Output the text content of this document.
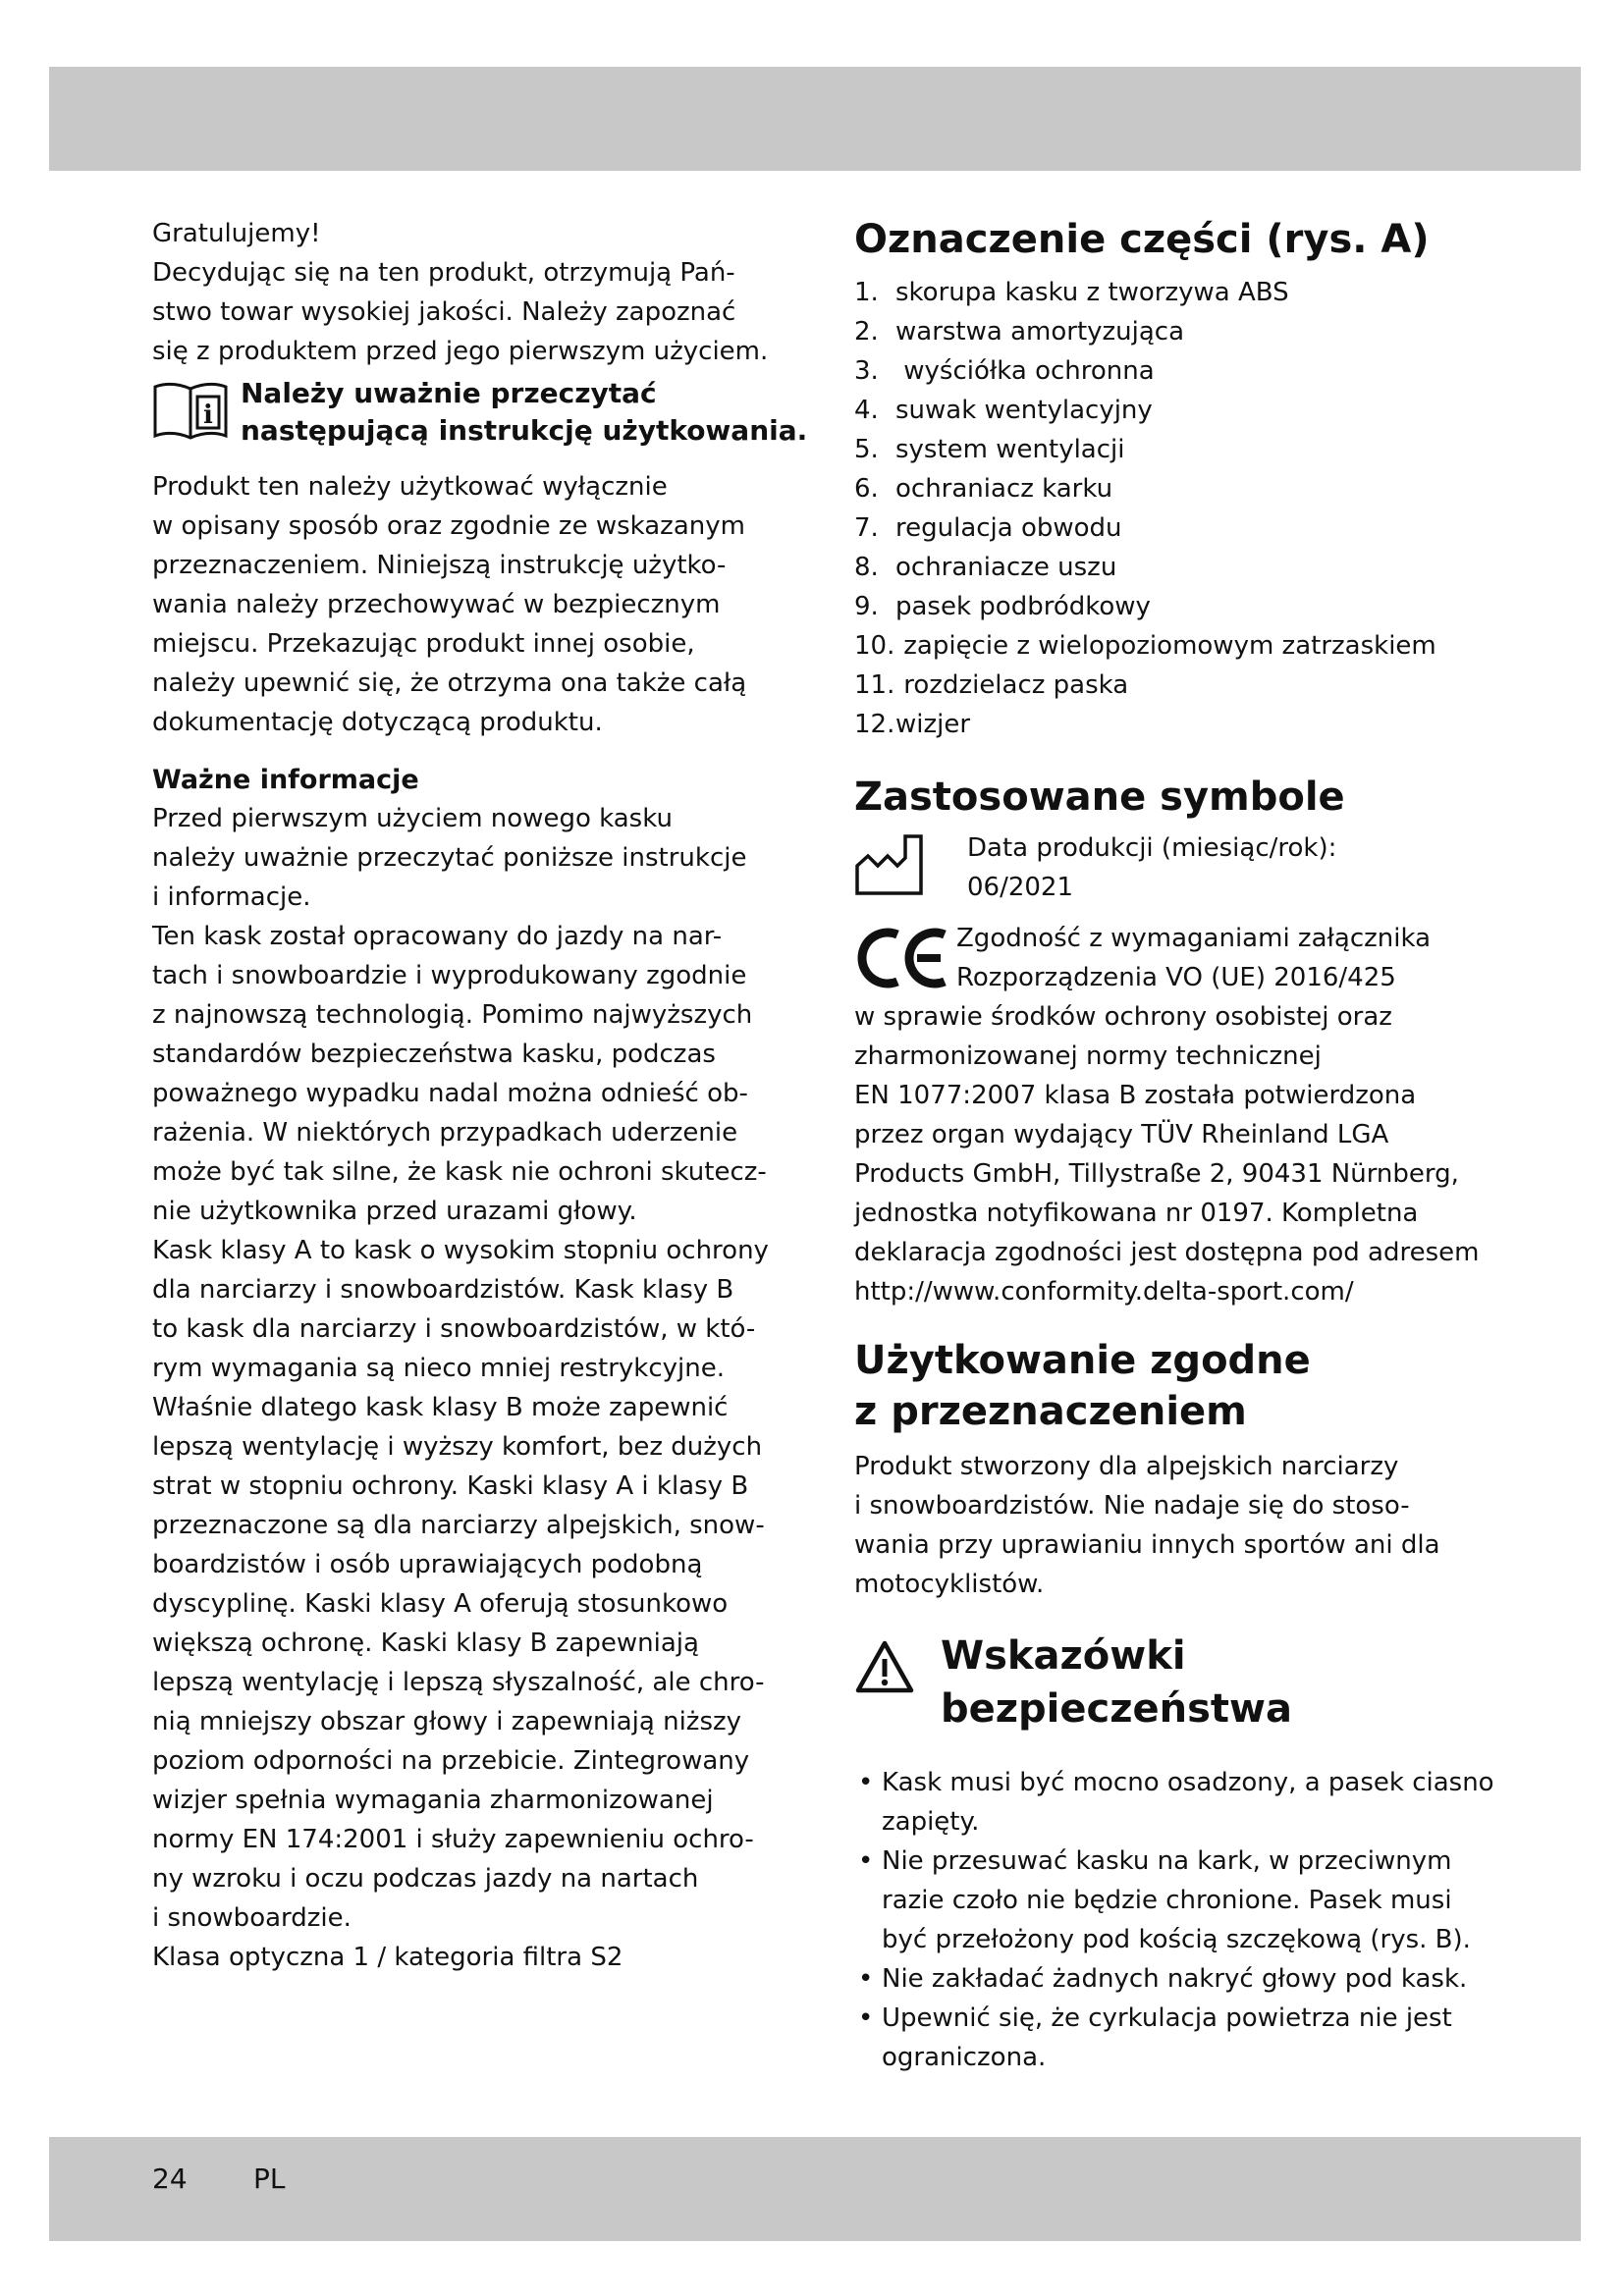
Gratulujemy!
Decydując się na ten produkt, otrzymują Pań-
stwo towar wysokiej jakości. Należy zapoznać
się z produktem przed jego pierwszym użyciem.

i
Należy uważnie przeczytać
następującą instrukcję użytkowania.

Produkt ten należy użytkować wyłącznie
w opisany sposób oraz zgodnie ze wskazanym
przeznaczeniem. Niniejszą instrukcję użytko-
wania należy przechowywać w bezpiecznym
miejscu. Przekazując produkt innej osobie,
należy upewnić się, że otrzyma ona także całą
dokumentację dotyczącą produktu.

Ważne informacje

Przed pierwszym użyciem nowego kasku
należy uważnie przeczytać poniższe instrukcje
i informacje.
Ten kask został opracowany do jazdy na nar-
tach i snowboardzie i wyprodukowany zgodnie
z najnowszą technologią. Pomimo najwyższych
standardów bezpieczeństwa kasku, podczas
poważnego wypadku nadal można odnieść ob-
rażenia. W niektórych przypadkach uderzenie
może być tak silne, że kask nie ochroni skutecz-
nie użytkownika przed urazami głowy.
Kask klasy A to kask o wysokim stopniu ochrony
dla narciarzy i snowboardzistów. Kask klasy B
to kask dla narciarzy i snowboardzistów, w któ-
rym wymagania są nieco mniej restrykcyjne.
Właśnie dlatego kask klasy B może zapewnić
lepszą wentylację i wyższy komfort, bez dużych
strat w stopniu ochrony. Kaski klasy A i klasy B
przeznaczone są dla narciarzy alpejskich, snow-
boardzistów i osób uprawiających podobną
dyscyplinę. Kaski klasy A oferują stosunkowo
większą ochronę. Kaski klasy B zapewniają
lepszą wentylację i lepszą słyszalność, ale chro-
nią mniejszy obszar głowy i zapewniają niższy
poziom odporności na przebicie. Zintegrowany
wizjer spełnia wymagania zharmonizowanej
normy EN 174:2001 i służy zapewnieniu ochro-
ny wzroku i oczu podczas jazdy na nartach
i snowboardzie.
Klasa optyczna 1 / kategoria filtra S2

Oznaczenie części (rys. A)
1. skorupa kasku z tworzywa ABS
2. warstwa amortyzująca
3. wyściółka ochronna
4. suwak wentylacyjny
5. system wentylacji
6. ochraniacz karku
7. regulacja obwodu
8. ochraniacze uszu
9. pasek podbródkowy
10. zapięcie z wielopoziomowym zatrzaskiem
11. rozdzielacz paska
12.wizjer
Zastosowane symbole
Data produkcji (miesiąc/rok):
06/2021
Zgodność z wymaganiami załącznika
Rozporządzenia VO (UE) 2016/425

w sprawie środków ochrony osobistej oraz
zharmonizowanej normy technicznej
EN 1077:2007 klasa B została potwierdzona
przez organ wydający TÜV Rheinland LGA
Products GmbH, Tillystraße 2, 90431 Nürnberg,
jednostka notyfikowana nr 0197. Kompletna
deklaracja zgodności jest dostępna pod adresem
http://www.conformity.delta-sport.com/

Użytkowanie zgodne
z przeznaczeniem

Produkt stworzony dla alpejskich narciarzy
i snowboardzistów. Nie nadaje się do stoso-
wania przy uprawianiu innych sportów ani dla
motocyklistów.

Wskazówki
bezpieczeństwa
• Kask musi być mocno osadzony, a pasek ciasno
zapięty.
• Nie przesuwać kasku na kark, w przeciwnym
razie czoło nie będzie chronione. Pasek musi
być przełożony pod kością szczękową (rys. B).
• Nie zakładać żadnych nakryć głowy pod kask.
• Upewnić się, że cyrkulacja powietrza nie jest
ograniczona.
24 PL
